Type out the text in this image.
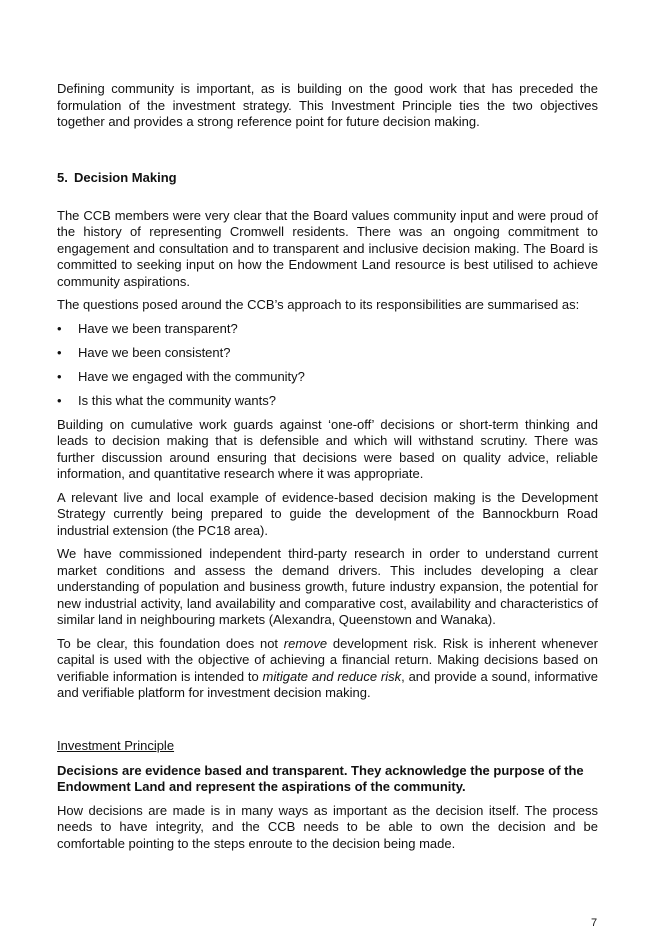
Defining community is important, as is building on the good work that has preceded the formulation of the investment strategy. This Investment Principle ties the two objectives together and provides a strong reference point for future decision making.

5. Decision Making

The CCB members were very clear that the Board values community input and were proud of the history of representing Cromwell residents. There was an ongoing commitment to engagement and consultation and to transparent and inclusive decision making. The Board is committed to seeking input on how the Endowment Land resource is best utilised to achieve community aspirations.

The questions posed around the CCB’s approach to its responsibilities are summarised as:

•	Have we been transparent?
•	Have we been consistent?
•	Have we engaged with the community?
•	Is this what the community wants?

Building on cumulative work guards against ‘one-off’ decisions or short-term thinking and leads to decision making that is defensible and which will withstand scrutiny. There was further discussion around ensuring that decisions were based on quality advice, reliable information, and quantitative research where it was appropriate.

A relevant live and local example of evidence-based decision making is the Development Strategy currently being prepared to guide the development of the Bannockburn Road industrial extension (the PC18 area).

We have commissioned independent third-party research in order to understand current market conditions and assess the demand drivers. This includes developing a clear understanding of population and business growth, future industry expansion, the potential for new industrial activity, land availability and comparative cost, availability and characteristics of similar land in neighbouring markets (Alexandra, Queenstown and Wanaka).

To be clear, this foundation does not remove development risk. Risk is inherent whenever capital is used with the objective of achieving a financial return. Making decisions based on verifiable information is intended to mitigate and reduce risk, and provide a sound, informative and verifiable platform for investment decision making.

Investment Principle

Decisions are evidence based and transparent. They acknowledge the purpose of the Endowment Land and represent the aspirations of the community.

How decisions are made is in many ways as important as the decision itself. The process needs to have integrity, and the CCB needs to be able to own the decision and be comfortable pointing to the steps enroute to the decision being made.

7
